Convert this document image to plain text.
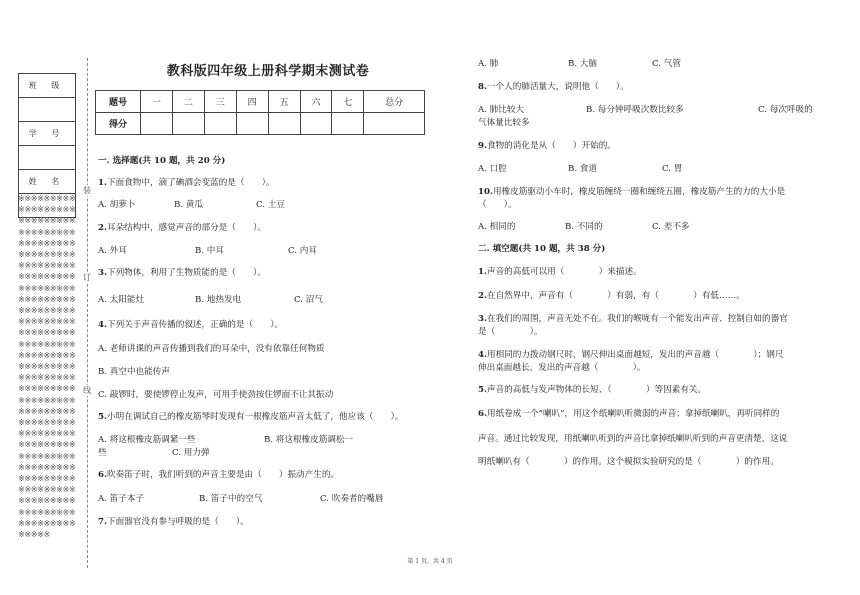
班 级

学 号

姓 名

※※※※※※※※※※※※※※※※※※※※※※※※※※※※※※※※※※※※※※※※※※※※※※※※※※※※※※※※※※※※※※※※※※※※※※※※※※※※※※※※※※※※※※※※※※※※※※※※※※※※※※※※※※※※※※※※※※※※※※※※※※※※※※※※※※※※※※※※※※※※※※※※※※※※※※※※※※※※※※※※※※※※※※※※※※※※※※※※※※※※※※※※※※※※※※※※※※※※※※※※※※※※※※※※※※※※※※※※※※※※※※※※※※※※※※※※※※※※※※※※※※※※※※※※※※※※※※※※※※※※※※※※※※※※※※※※※※※
装
订
线
教科版四年级上册科学期末测试卷
题号	一	二	三	四	五	六	七	总分
得分								
一. 选择题(共 10 题，共 20 分)
1.下面食物中，滴了碘酒会变蓝的是（　　）。
A. 胡萝卜	B. 黄瓜	C. 土豆
2.耳朵结构中，感觉声音的部分是（　　）。
A. 外耳	B. 中耳	C. 内耳
3.下列物体，利用了生物质能的是（　　）。
A. 太阳能灶	B. 地热发电	C. 沼气
4.下列关于声音传播的叙述，正确的是（　　）。
A. 老师讲课的声音传播到我们的耳朵中，没有依靠任何物质
B. 真空中也能传声
C. 敲锣时，要使锣停止发声，可用手使劲按住锣面不让其振动
5.小明在调试自己的橡皮筋琴时发现有一根橡皮筋声音太低了，他应该（　　）。
A. 将这根橡皮筋调紧一些	B. 将这根橡皮筋调松一
些	C. 用力弹
6.吹奏笛子时，我们听到的声音主要是由（　　）振动产生的。
A. 笛子本子	B. 笛子中的空气	C. 吹奏者的嘴唇
7.下面器官没有参与呼吸的是（　　）。
A. 肺	B. 大脑	C. 气管
8.一个人的肺活量大，说明他（　　）。
A. 肺比较大	B. 每分钟呼吸次数比较多	C. 每次呼吸的
气体量比较多
9.食物的消化是从（　　）开始的。
A. 口腔	B. 食道	C. 胃
10.用橡皮筋驱动小车时，橡皮筋缠绕一圈和缠绕五圈，橡皮筋产生的力的大小是
（　　）。
A. 相同的	B. 不同的	C. 差不多
二. 填空题(共 10 题，共 38 分)
1.声音的高低可以用（　　　　）来描述。
2.在自然界中，声音有（　　　　）有弱，有（　　　　）有低……。
3.在我们的周围，声音无处不在。我们的喉咙有一个能发出声音、控制自如的器官
是（　　　　）。
4.用相同的力拨动钢尺时，钢尺伸出桌面越短，发出的声音越（　　　　）；钢尺
伸出桌面越长，发出的声音越（　　　　）。
5.声音的高低与发声物体的长短、（　　　　）等因素有关。
6.用纸卷成一个“喇叭”，用这个纸喇叭听微弱的声音；拿掉纸喇叭，再听同样的
声音。通过比较发现，用纸喇叭听到的声音比拿掉纸喇叭听到的声音更清楚，这说
明纸喇叭有（　　　　）的作用。这个模拟实验研究的是（　　　　）的作用。
第 1 页，共 4 页
